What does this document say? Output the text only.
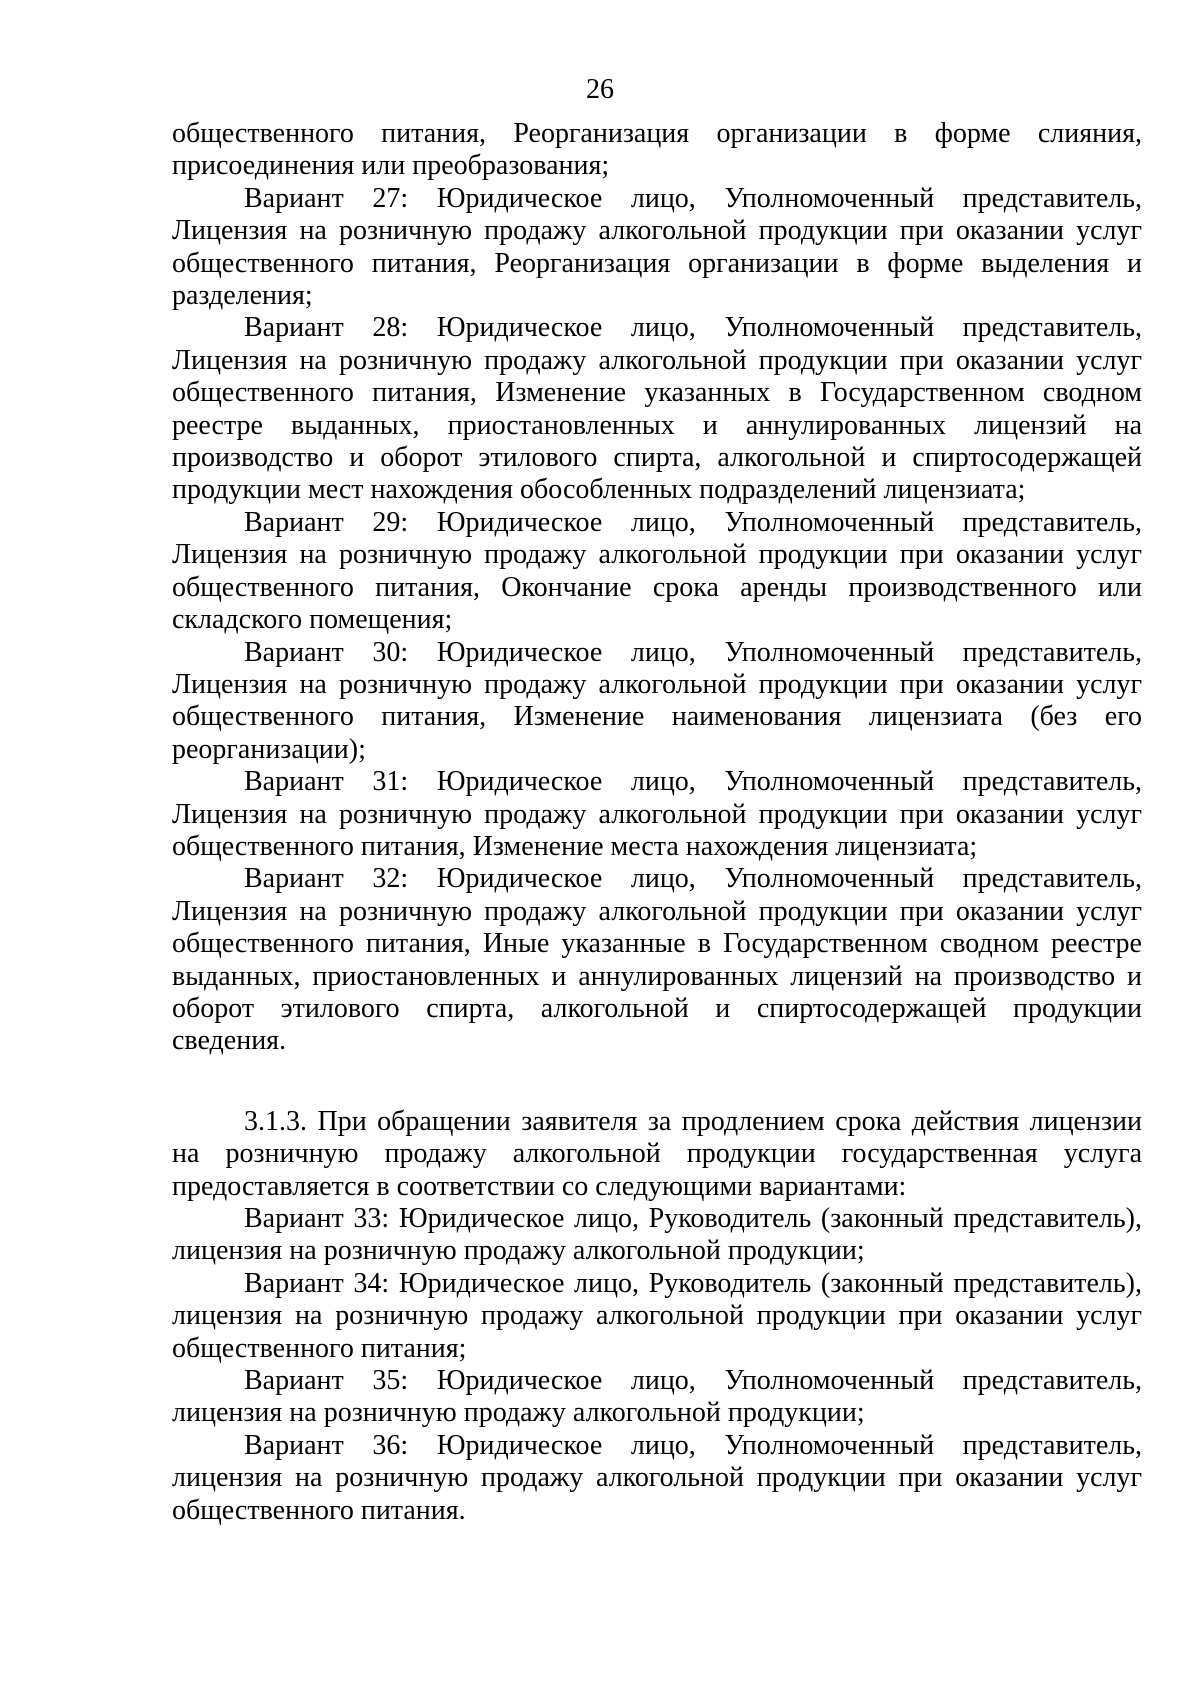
26

общественного питания, Реорганизация организации в форме слияния, присоединения или преобразования;

Вариант 27: Юридическое лицо, Уполномоченный представитель, Лицензия на розничную продажу алкогольной продукции при оказании услуг общественного питания, Реорганизация организации в форме выделения и разделения;

Вариант 28: Юридическое лицо, Уполномоченный представитель, Лицензия на розничную продажу алкогольной продукции при оказании услуг общественного питания, Изменение указанных в Государственном сводном реестре выданных, приостановленных и аннулированных лицензий на производство и оборот этилового спирта, алкогольной и спиртосодержащей продукции мест нахождения обособленных подразделений лицензиата;

Вариант 29: Юридическое лицо, Уполномоченный представитель, Лицензия на розничную продажу алкогольной продукции при оказании услуг общественного питания, Окончание срока аренды производственного или складского помещения;

Вариант 30: Юридическое лицо, Уполномоченный представитель, Лицензия на розничную продажу алкогольной продукции при оказании услуг общественного питания, Изменение наименования лицензиата (без его реорганизации);

Вариант 31: Юридическое лицо, Уполномоченный представитель, Лицензия на розничную продажу алкогольной продукции при оказании услуг общественного питания, Изменение места нахождения лицензиата;

Вариант 32: Юридическое лицо, Уполномоченный представитель, Лицензия на розничную продажу алкогольной продукции при оказании услуг общественного питания, Иные указанные в Государственном сводном реестре выданных, приостановленных и аннулированных лицензий на производство и оборот этилового спирта, алкогольной и спиртосодержащей продукции сведения.

3.1.3. При обращении заявителя за продлением срока действия лицензии на розничную продажу алкогольной продукции государственная услуга предоставляется в соответствии со следующими вариантами:

Вариант 33: Юридическое лицо, Руководитель (законный представитель), лицензия на розничную продажу алкогольной продукции;

Вариант 34: Юридическое лицо, Руководитель (законный представитель), лицензия на розничную продажу алкогольной продукции при оказании услуг общественного питания;

Вариант 35: Юридическое лицо, Уполномоченный представитель, лицензия на розничную продажу алкогольной продукции;

Вариант 36: Юридическое лицо, Уполномоченный представитель, лицензия на розничную продажу алкогольной продукции при оказании услуг общественного питания.
